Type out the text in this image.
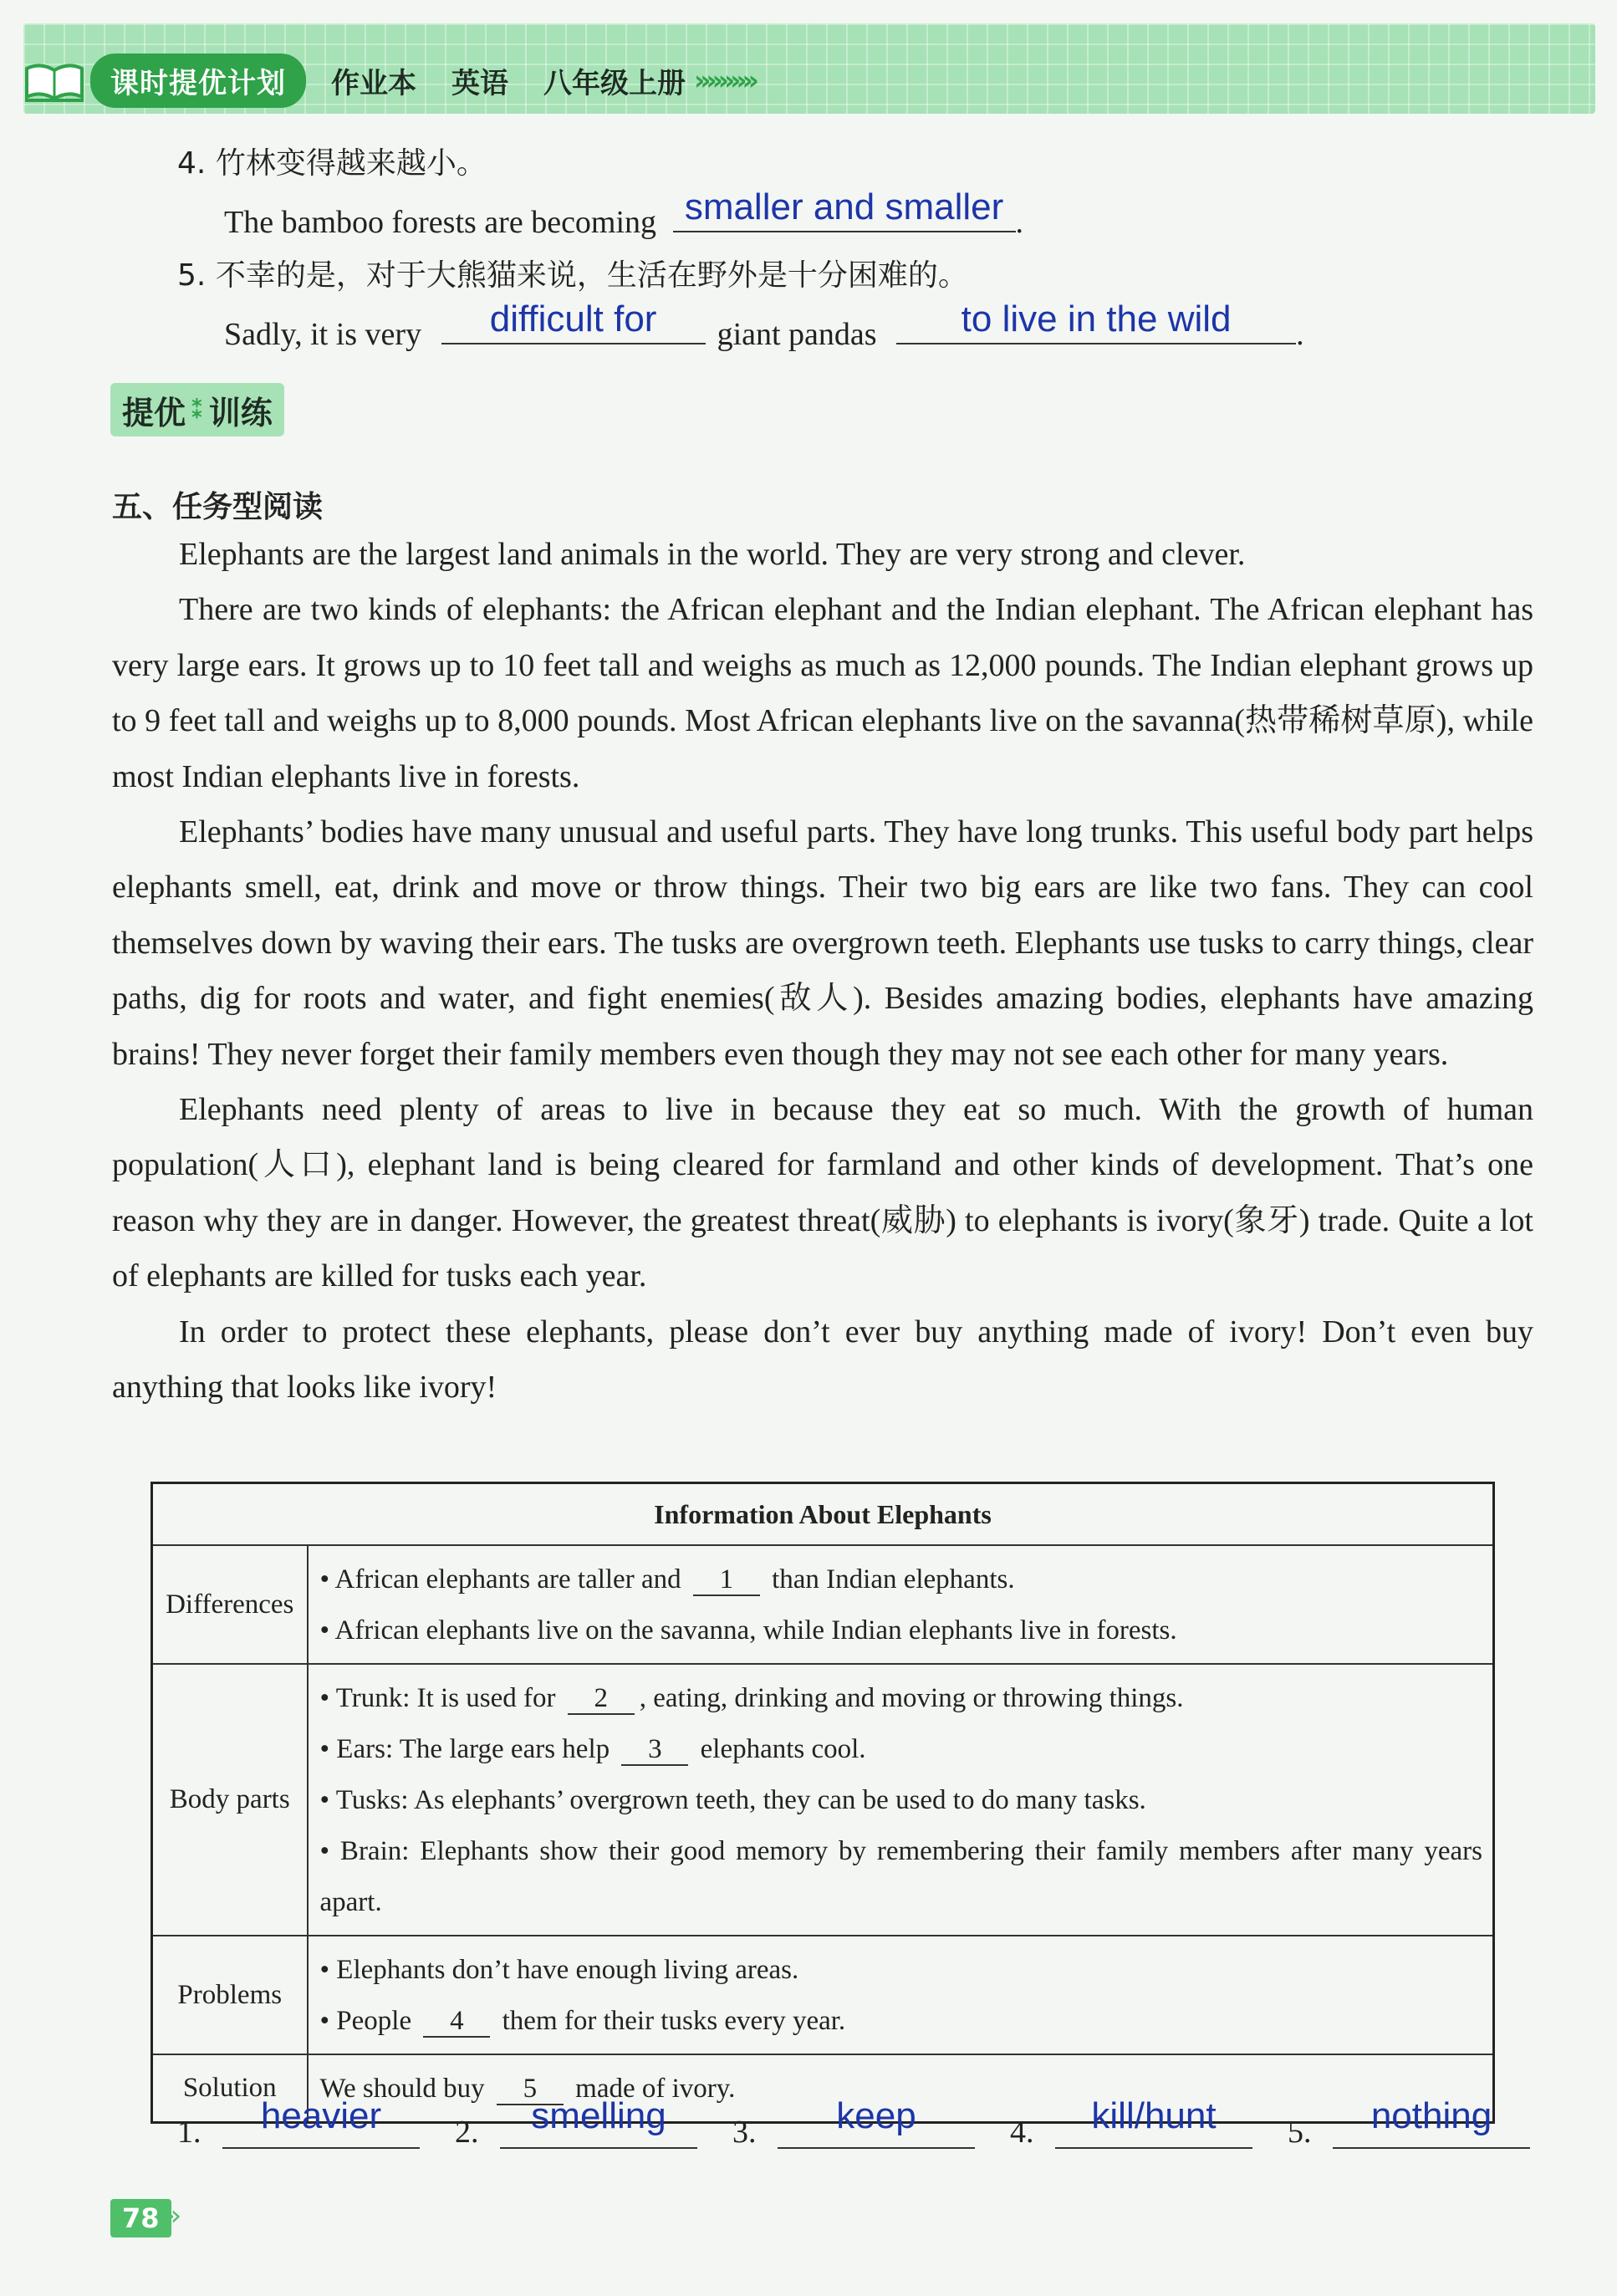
课时提优计划	作业本 英语 八年级上册 ››››››››››
4. 竹林变得越来越小。
The bamboo forests are becoming smaller and smaller .
5. 不幸的是，对于大熊猫来说，生活在野外是十分困难的。
Sadly, it is very	difficult for	giant pandas	to live in the wild	.
提优 ⁑ 训练
五、任务型阅读

Elephants are the largest land animals in the world. They are very strong and clever.

There are two kinds of elephants: the African elephant and the Indian elephant. The African elephant has very large ears. It grows up to 10 feet tall and weighs as much as 12,000 pounds. The Indian elephant grows up to 9 feet tall and weighs up to 8,000 pounds. Most African elephants live on the savanna(热带稀树草原), while most Indian elephants live in forests.

Elephants’ bodies have many unusual and useful parts. They have long trunks. This useful body part helps elephants smell, eat, drink and move or throw things. Their two big ears are like two fans. They can cool themselves down by waving their ears. The tusks are overgrown teeth. Elephants use tusks to carry things, clear paths, dig for roots and water, and fight enemies(敌人). Besides amazing bodies, elephants have amazing brains! They never forget their family members even though they may not see each other for many years.

Elephants need plenty of areas to live in because they eat so much. With the growth of human population(人口), elephant land is being cleared for farmland and other kinds of development. That’s one reason why they are in danger. However, the greatest threat(威胁) to elephants is ivory(象牙) trade. Quite a lot of elephants are killed for tusks each year.

In order to protect these elephants, please don’t ever buy anything made of ivory! Don’t even buy anything that looks like ivory!

Information About Elephants	
Differences	• African elephants are taller and 1 than Indian elephants.
• African elephants live on the savanna, while Indian elephants live in forests.

Body parts	• Trunk: It is used for 2 , eating, drinking and moving or throwing things.
• Ears: The large ears help 3 elephants cool.
• Tusks: As elephants’ overgrown teeth, they can be used to do many tasks.
• Brain: Elephants show their good memory by remembering their family members after many years apart.

Problems	• Elephants don’t have enough living areas.
• People 4 them for their tusks every year.

Solution	We should buy 5 made of ivory.
1.	heavier	2.	smelling	3.	keep	4.	kill/hunt	5.	nothing
78 ››
